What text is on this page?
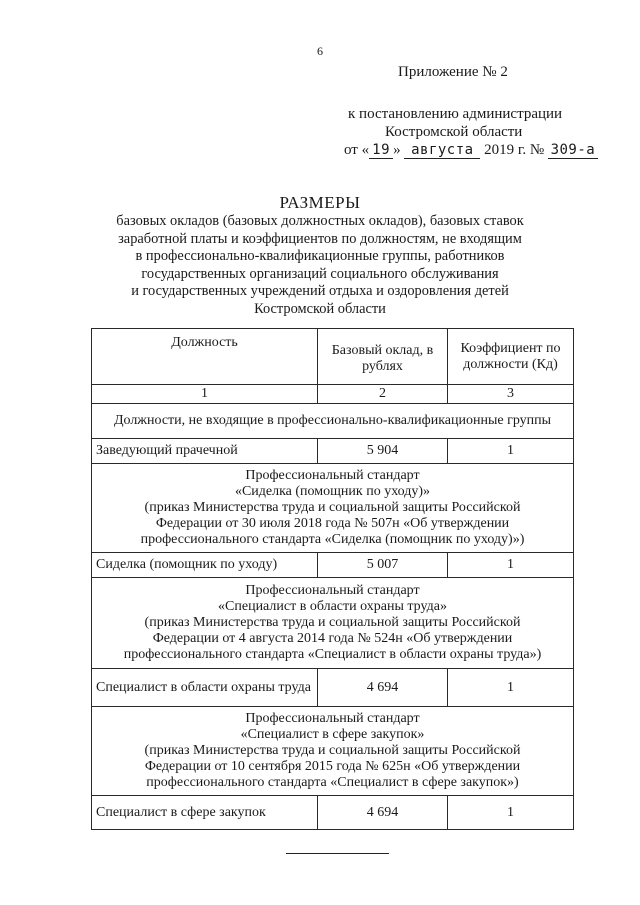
6
Приложение № 2
к постановлению администрации
Костромской области
от « 19 » августа 2019 г. № 309-а
РАЗМЕРЫ
базовых окладов (базовых должностных окладов), базовых ставок
заработной платы и коэффициентов по должностям, не входящим
в профессионально-квалификационные группы, работников
государственных организаций социального обслуживания
и государственных учреждений отдыха и оздоровления детей
Костромской области
Должность	Базовый оклад, в рублях	Коэффициент по должности (Кд)
1	2	3
Должности, не входящие в профессионально-квалификационные группы		
Заведующий прачечной	5 904	1

Профессиональный стандарт
«Сиделка (помощник по уходу)»
(приказ Министерства труда и социальной защиты Российской
Федерации от 30 июля 2018 года № 507н «Об утверждении
профессионального стандарта «Сиделка (помощник по уходу)»)		

Сиделка (помощник по уходу)	5 007	1

Профессиональный стандарт
«Специалист в области охраны труда»
(приказ Министерства труда и социальной защиты Российской
Федерации от 4 августа 2014 года № 524н «Об утверждении
профессионального стандарта «Специалист в области охраны труда»)		

Специалист в области охраны труда	4 694	1

Профессиональный стандарт
«Специалист в сфере закупок»
(приказ Министерства труда и социальной защиты Российской
Федерации от 10 сентября 2015 года № 625н «Об утверждении
профессионального стандарта «Специалист в сфере закупок»)		

Специалист в сфере закупок	4 694	1
